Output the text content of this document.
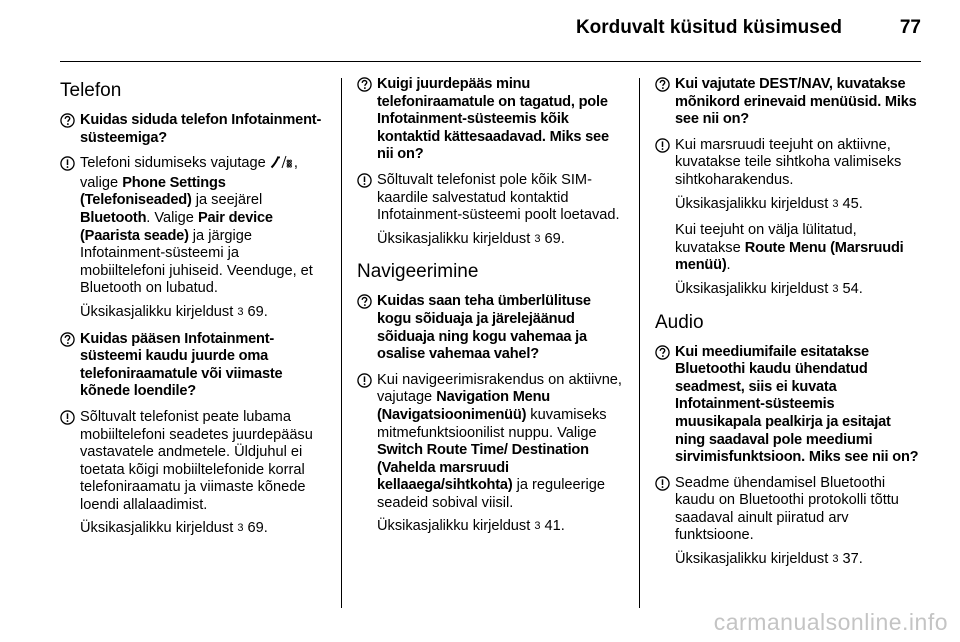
Korduvalt küsitud küsimused	77
Telefon
Kuidas siduda telefon Infotainment-süsteemiga?
Telefoni sidumiseks vajutage , valige Phone Settings (Telefoniseaded) ja seejärel Bluetooth. Valige Pair device (Paarista seade) ja järgige Infotainment-süsteemi ja mobiiltelefoni juhiseid. Veenduge, et Bluetooth on lubatud.
Üksikasjalikku kirjeldust 3 69.
Kuidas pääsen Infotainment-süsteemi kaudu juurde oma telefoniraamatule või viimaste kõnede loendile?
Sõltuvalt telefonist peate lubama mobiiltelefoni seadetes juurdepääsu vastavatele andmetele. Üldjuhul ei toetata kõigi mobiiltelefonide korral telefoniraamatu ja viimaste kõnede loendi allalaadimist.
Üksikasjalikku kirjeldust 3 69.
Kuigi juurdepääs minu telefoniraamatule on tagatud, pole Infotainment-süsteemis kõik kontaktid kättesaadavad. Miks see nii on?
Sõltuvalt telefonist pole kõik SIM-kaardile salvestatud kontaktid Infotainment-süsteemi poolt loetavad.
Üksikasjalikku kirjeldust 3 69.
Navigeerimine
Kuidas saan teha ümberlülituse kogu sõiduaja ja järelejäänud sõiduaja ning kogu vahemaa ja osalise vahemaa vahel?
Kui navigeerimisrakendus on aktiivne, vajutage Navigation Menu (Navigatsioonimenüü) kuvamiseks mitmefunktsioonilist nuppu. Valige Switch Route Time/ Destination (Vahelda marsruudi kellaaega/sihtkohta) ja reguleerige seadeid sobival viisil.
Üksikasjalikku kirjeldust 3 41.
Kui vajutate DEST/NAV, kuvatakse mõnikord erinevaid menüüsid. Miks see nii on?
Kui marsruudi teejuht on aktiivne, kuvatakse teile sihtkoha valimiseks sihtkoharakendus.
Üksikasjalikku kirjeldust 3 45.
Kui teejuht on välja lülitatud, kuvatakse Route Menu (Marsruudi menüü).
Üksikasjalikku kirjeldust 3 54.
Audio
Kui meediumifaile esitatakse Bluetoothi kaudu ühendatud seadmest, siis ei kuvata Infotainment-süsteemis muusikapala pealkirja ja esitajat ning saadaval pole meediumi sirvimisfunktsioon. Miks see nii on?
Seadme ühendamisel Bluetoothi kaudu on Bluetoothi protokolli tõttu saadaval ainult piiratud arv funktsioone.
Üksikasjalikku kirjeldust 3 37.
carmanualsonline.info
